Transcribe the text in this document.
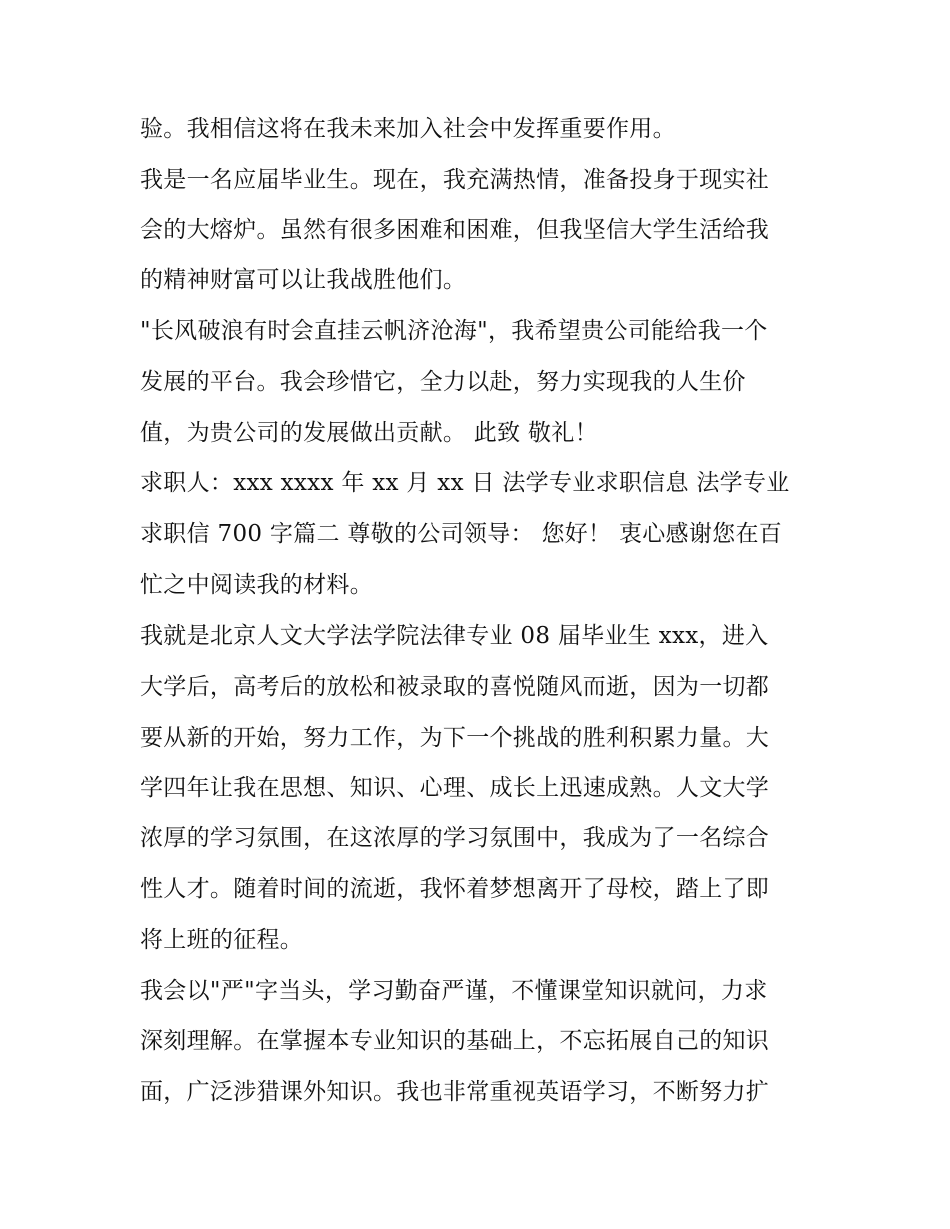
验。我相信这将在我未来加入社会中发挥重要作用。
我是一名应届毕业生。现在，我充满热情，准备投身于现实社
会的大熔炉。虽然有很多困难和困难，但我坚信大学生活给我
的精神财富可以让我战胜他们。
"长风破浪有时会直挂云帆济沧海"，我希望贵公司能给我一个
发展的平台。我会珍惜它，全力以赴，努力实现我的人生价
值，为贵公司的发展做出贡献。 此致 敬礼！
求职人：xxx xxxx 年 xx 月 xx 日 法学专业求职信息 法学专业
求职信 700 字篇二 尊敬的公司领导： 您好！ 衷心感谢您在百
忙之中阅读我的材料。
我就是北京人文大学法学院法律专业 08 届毕业生 xxx，进入
大学后，高考后的放松和被录取的喜悦随风而逝，因为一切都
要从新的开始，努力工作，为下一个挑战的胜利积累力量。大
学四年让我在思想、知识、心理、成长上迅速成熟。人文大学
浓厚的学习氛围，在这浓厚的学习氛围中，我成为了一名综合
性人才。随着时间的流逝，我怀着梦想离开了母校，踏上了即
将上班的征程。
我会以"严"字当头，学习勤奋严谨，不懂课堂知识就问，力求
深刻理解。在掌握本专业知识的基础上，不忘拓展自己的知识
面，广泛涉猎课外知识。我也非常重视英语学习，不断努力扩
